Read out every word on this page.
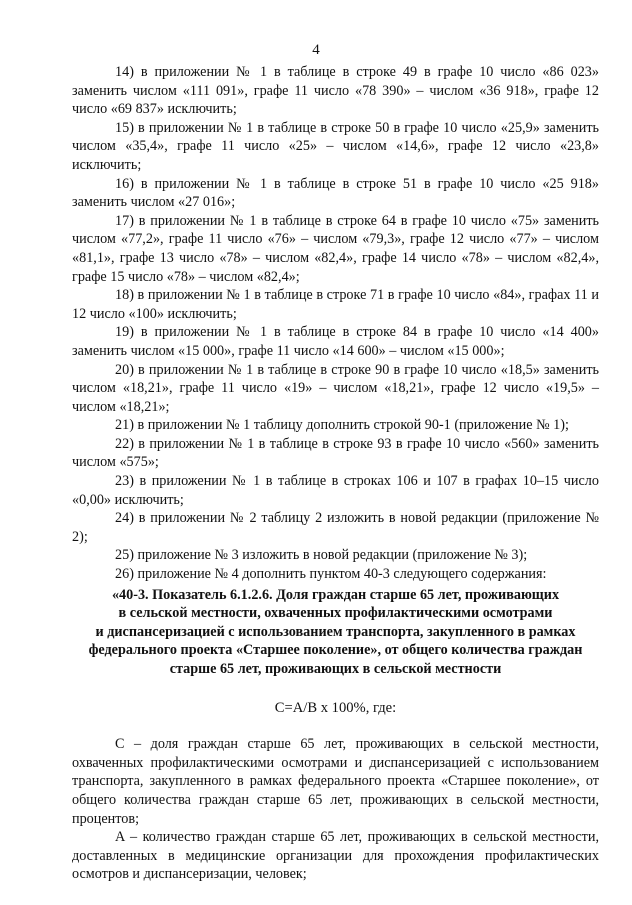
4

14) в приложении № 1 в таблице в строке 49 в графе 10 число «86 023» заменить числом «111 091», графе 11 число «78 390» – числом «36 918», графе 12 число «69 837» исключить;

15) в приложении № 1 в таблице в строке 50 в графе 10 число «25,9» заменить числом «35,4», графе 11 число «25» – числом «14,6», графе 12 число «23,8» исключить;

16) в приложении № 1 в таблице в строке 51 в графе 10 число «25 918» заменить числом «27 016»;

17) в приложении № 1 в таблице в строке 64 в графе 10 число «75» заменить числом «77,2», графе 11 число «76» – числом «79,3», графе 12 число «77» – числом «81,1», графе 13 число «78» – числом «82,4», графе 14 число «78» – числом «82,4», графе 15 число «78» – числом «82,4»;

18) в приложении № 1 в таблице в строке 71 в графе 10 число «84», графах 11 и 12 число «100» исключить;

19) в приложении № 1 в таблице в строке 84 в графе 10 число «14 400» заменить числом «15 000», графе 11 число «14 600» – числом «15 000»;

20) в приложении № 1 в таблице в строке 90 в графе 10 число «18,5» заменить числом «18,21», графе 11 число «19» – числом «18,21», графе 12 число «19,5» – числом «18,21»;

21) в приложении № 1 таблицу дополнить строкой 90-1 (приложение № 1);

22) в приложении № 1 в таблице в строке 93 в графе 10 число «560» заменить числом «575»;

23) в приложении № 1 в таблице в строках 106 и 107 в графах 10–15 число «0,00» исключить;

24) в приложении № 2 таблицу 2 изложить в новой редакции (приложение № 2);

25) приложение № 3 изложить в новой редакции (приложение № 3);

26) приложение № 4 дополнить пунктом 40-3 следующего содержания:

«40-3. Показатель 6.1.2.6. Доля граждан старше 65 лет, проживающих
в сельской местности, охваченных профилактическими осмотрами
и диспансеризацией с использованием транспорта, закупленного в рамках
федерального проекта «Старшее поколение», от общего количества граждан
старше 65 лет, проживающих в сельской местности
C=A/B x 100%, где:

C – доля граждан старше 65 лет, проживающих в сельской местности, охваченных профилактическими осмотрами и диспансеризацией с использованием транспорта, закупленного в рамках федерального проекта «Старшее поколение», от общего количества граждан старше 65 лет, проживающих в сельской местности, процентов;

A – количество граждан старше 65 лет, проживающих в сельской местности, доставленных в медицинские организации для прохождения профилактических осмотров и диспансеризации, человек;
